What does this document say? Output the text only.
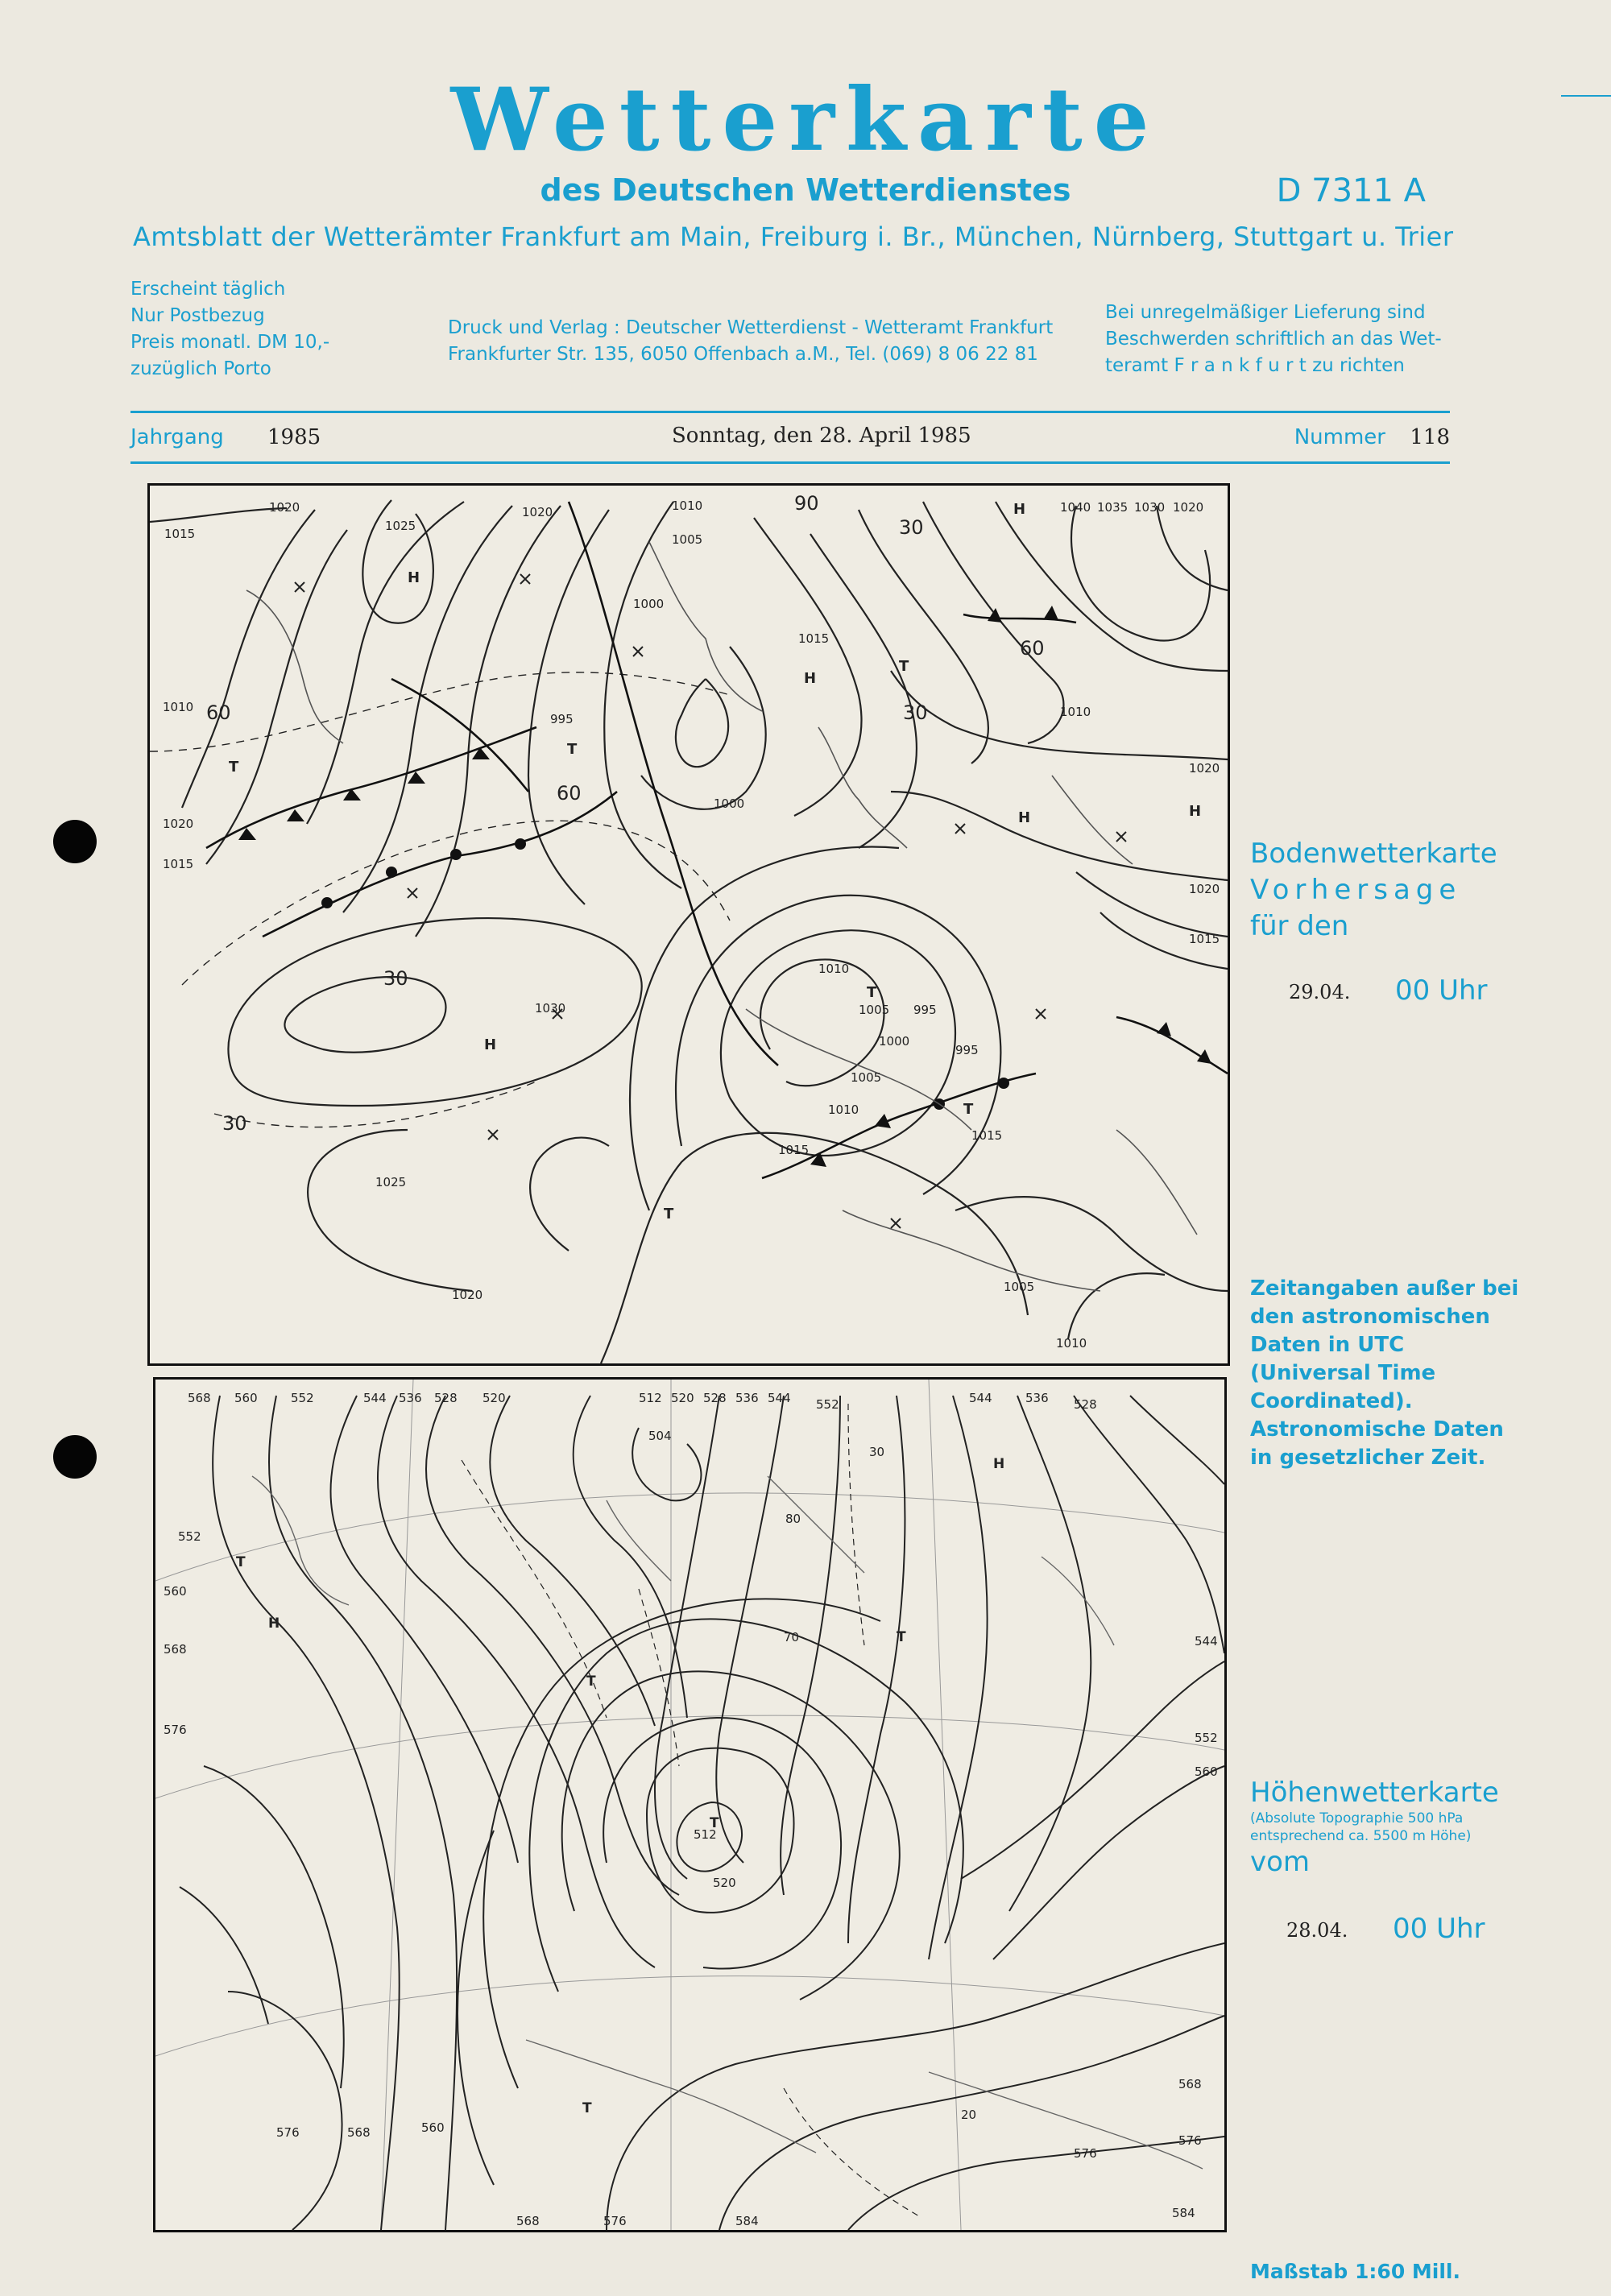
Wetterkarte
des Deutschen Wetterdienstes	D 7311 A
Amtsblatt der Wetterämter Frankfurt am Main, Freiburg i. Br., München, Nürnberg, Stuttgart u. Trier
Erscheint täglich
Nur Postbezug
Preis monatl. DM 10,-
zuzüglich Porto
Druck und Verlag : Deutscher Wetterdienst - Wetteramt Frankfurt
Frankfurter Str. 135, 6050 Offenbach a.M., Tel. (069) 8 06 22 81
Bei unregelmäßiger Lieferung sind
Beschwerden schriftlich an das Wet-
teramt F r a n k f u r t zu richten
Jahrgang 1985	Sonntag, den 28. April 1985	Nummer 118
1015
1020
1025
1020
1010
1005
1000
995
1010
1015
1040 1035 1030 1020
1010
1020
1020
1015
1030
1025
1020
1000
1015
1005
1010
1015
995
1000
1005
1010
995
1005
1010
1015
1020
30
60
30
30
60
90
30
60
H
T
H
H
H
T
T
H
T
H
T
T
568 560	552	544 536 528 520	512 520 528 536 544 552	544	536 528
504
552
560
568
576
512
520
544
552
560
568
576
584
576	568	560
576
568	576	584
80
70
30
20
T
H
H
T
T
T
T
Bodenwetterkarte
Vorhersage
für den
29.04. 00 Uhr
Zeitangaben außer bei
den astronomischen
Daten in UTC
(Universal Time
Coordinated).
Astronomische Daten
in gesetzlicher Zeit.
Höhenwetterkarte
(Absolute Topographie 500 hPa
entsprechend ca. 5500 m Höhe)
vom
28.04. 00 Uhr
Maßstab 1:60 Mill.
